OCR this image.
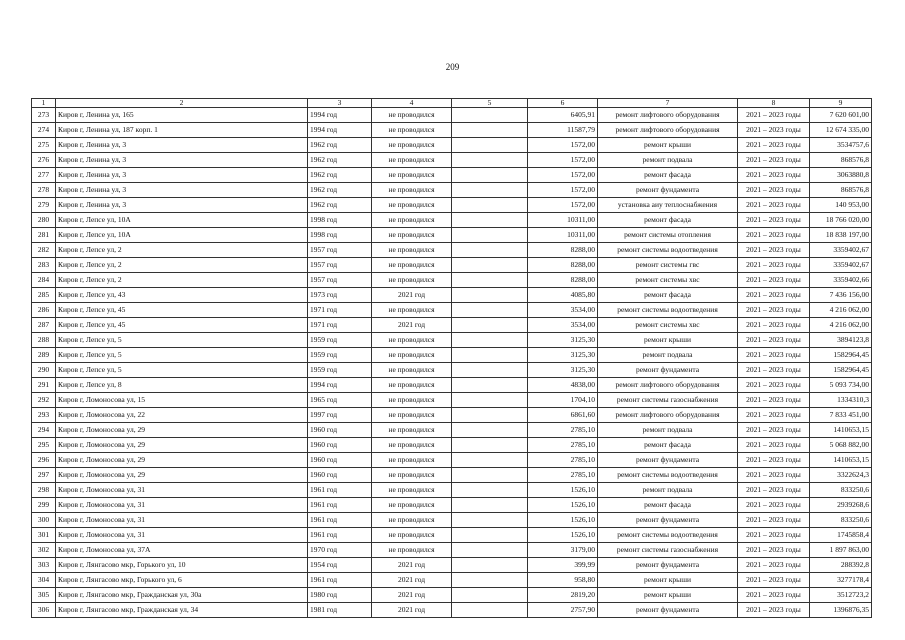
209
1	2	3	4	5	6	7	8	9
273	Киров г, Ленина ул, 165	1994 год	не проводился		6405,91	ремонт лифтового оборудования	2021 – 2023 годы	7 620 601,00
274	Киров г, Ленина ул, 187 корп. 1	1994 год	не проводился		11587,79	ремонт лифтового оборудования	2021 – 2023 годы	12 674 335,00
275	Киров г, Ленина ул, 3	1962 год	не проводился		1572,00	ремонт крыши	2021 – 2023 годы	3534757,6
276	Киров г, Ленина ул, 3	1962 год	не проводился		1572,00	ремонт подвала	2021 – 2023 годы	868576,8
277	Киров г, Ленина ул, 3	1962 год	не проводился		1572,00	ремонт фасада	2021 – 2023 годы	3063880,8
278	Киров г, Ленина ул, 3	1962 год	не проводился		1572,00	ремонт фундамента	2021 – 2023 годы	868576,8
279	Киров г, Ленина ул, 3	1962 год	не проводился		1572,00	установка аиу теплоснабжения	2021 – 2023 годы	140 953,00
280	Киров г, Лепсе ул, 10А	1998 год	не проводился		10311,00	ремонт фасада	2021 – 2023 годы	18 766 020,00
281	Киров г, Лепсе ул, 10А	1998 год	не проводился		10311,00	ремонт системы отопления	2021 – 2023 годы	18 838 197,00
282	Киров г, Лепсе ул, 2	1957 год	не проводился		8288,00	ремонт системы водоотведения	2021 – 2023 годы	3359402,67
283	Киров г, Лепсе ул, 2	1957 год	не проводился		8288,00	ремонт системы гвс	2021 – 2023 годы	3359402,67
284	Киров г, Лепсе ул, 2	1957 год	не проводился		8288,00	ремонт системы хвс	2021 – 2023 годы	3359402,66
285	Киров г, Лепсе ул, 43	1973 год	2021 год		4085,80	ремонт фасада	2021 – 2023 годы	7 436 156,00
286	Киров г, Лепсе ул, 45	1971 год	не проводился		3534,00	ремонт системы водоотведения	2021 – 2023 годы	4 216 062,00
287	Киров г, Лепсе ул, 45	1971 год	2021 год		3534,00	ремонт системы хвс	2021 – 2023 годы	4 216 062,00
288	Киров г, Лепсе ул, 5	1959 год	не проводился		3125,30	ремонт крыши	2021 – 2023 годы	3894123,8
289	Киров г, Лепсе ул, 5	1959 год	не проводился		3125,30	ремонт подвала	2021 – 2023 годы	1582964,45
290	Киров г, Лепсе ул, 5	1959 год	не проводился		3125,30	ремонт фундамента	2021 – 2023 годы	1582964,45
291	Киров г, Лепсе ул, 8	1994 год	не проводился		4838,00	ремонт лифтового оборудования	2021 – 2023 годы	5 093 734,00
292	Киров г, Ломоносова ул, 15	1965 год	не проводился		1704,10	ремонт системы газоснабжения	2021 – 2023 годы	1334310,3
293	Киров г, Ломоносова ул, 22	1997 год	не проводился		6861,60	ремонт лифтового оборудования	2021 – 2023 годы	7 833 451,00
294	Киров г, Ломоносова ул, 29	1960 год	не проводился		2785,10	ремонт подвала	2021 – 2023 годы	1410653,15
295	Киров г, Ломоносова ул, 29	1960 год	не проводился		2785,10	ремонт фасада	2021 – 2023 годы	5 068 882,00
296	Киров г, Ломоносова ул, 29	1960 год	не проводился		2785,10	ремонт фундамента	2021 – 2023 годы	1410653,15
297	Киров г, Ломоносова ул, 29	1960 год	не проводился		2785,10	ремонт системы водоотведения	2021 – 2023 годы	3322624,3
298	Киров г, Ломоносова ул, 31	1961 год	не проводился		1526,10	ремонт подвала	2021 – 2023 годы	833250,6
299	Киров г, Ломоносова ул, 31	1961 год	не проводился		1526,10	ремонт фасада	2021 – 2023 годы	2939268,6
300	Киров г, Ломоносова ул, 31	1961 год	не проводился		1526,10	ремонт фундамента	2021 – 2023 годы	833250,6
301	Киров г, Ломоносова ул, 31	1961 год	не проводился		1526,10	ремонт системы водоотведения	2021 – 2023 годы	1745858,4
302	Киров г, Ломоносова ул, 37А	1970 год	не проводился		3179,00	ремонт системы газоснабжения	2021 – 2023 годы	1 897 863,00
303	Киров г, Лянгасово мкр, Горького ул, 10	1954 год	2021 год		399,99	ремонт фундамента	2021 – 2023 годы	288392,8
304	Киров г, Лянгасово мкр, Горького ул, 6	1961 год	2021 год		958,80	ремонт крыши	2021 – 2023 годы	3277178,4
305	Киров г, Лянгасово мкр, Гражданская ул, 30а	1980 год	2021 год		2819,20	ремонт крыши	2021 – 2023 годы	3512723,2
306	Киров г, Лянгасово мкр, Гражданская ул, 34	1981 год	2021 год		2757,90	ремонт фундамента	2021 – 2023 годы	1396876,35
